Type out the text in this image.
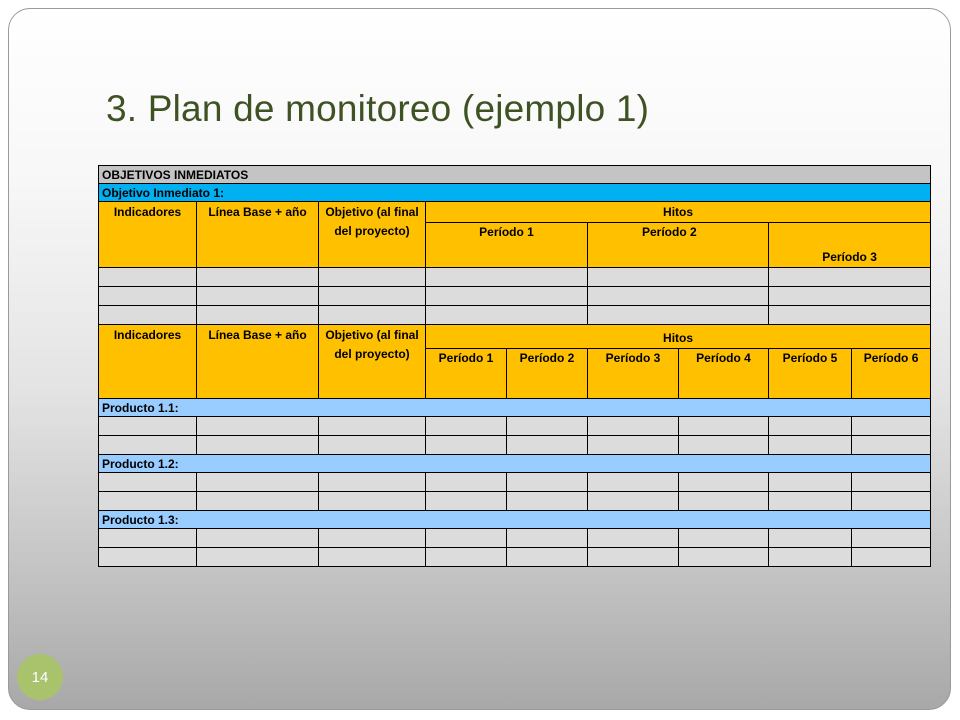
3. Plan de monitoreo (ejemplo 1)
OBJETIVOS INMEDIATOS								
Objetivo Inmediato 1:								
Indicadores	Línea Base + año	Objetivo (al final del proyecto)	Hitos					
			Período 1		Período 2		Período 3	

Indicadores	Línea Base + año	Objetivo (al final del proyecto)	Hitos					
			Período 1	Período 2	Período 3	Período 4	Período 5	Período 6
Producto 1.1:								

Producto 1.2:								

Producto 1.3:								

14
